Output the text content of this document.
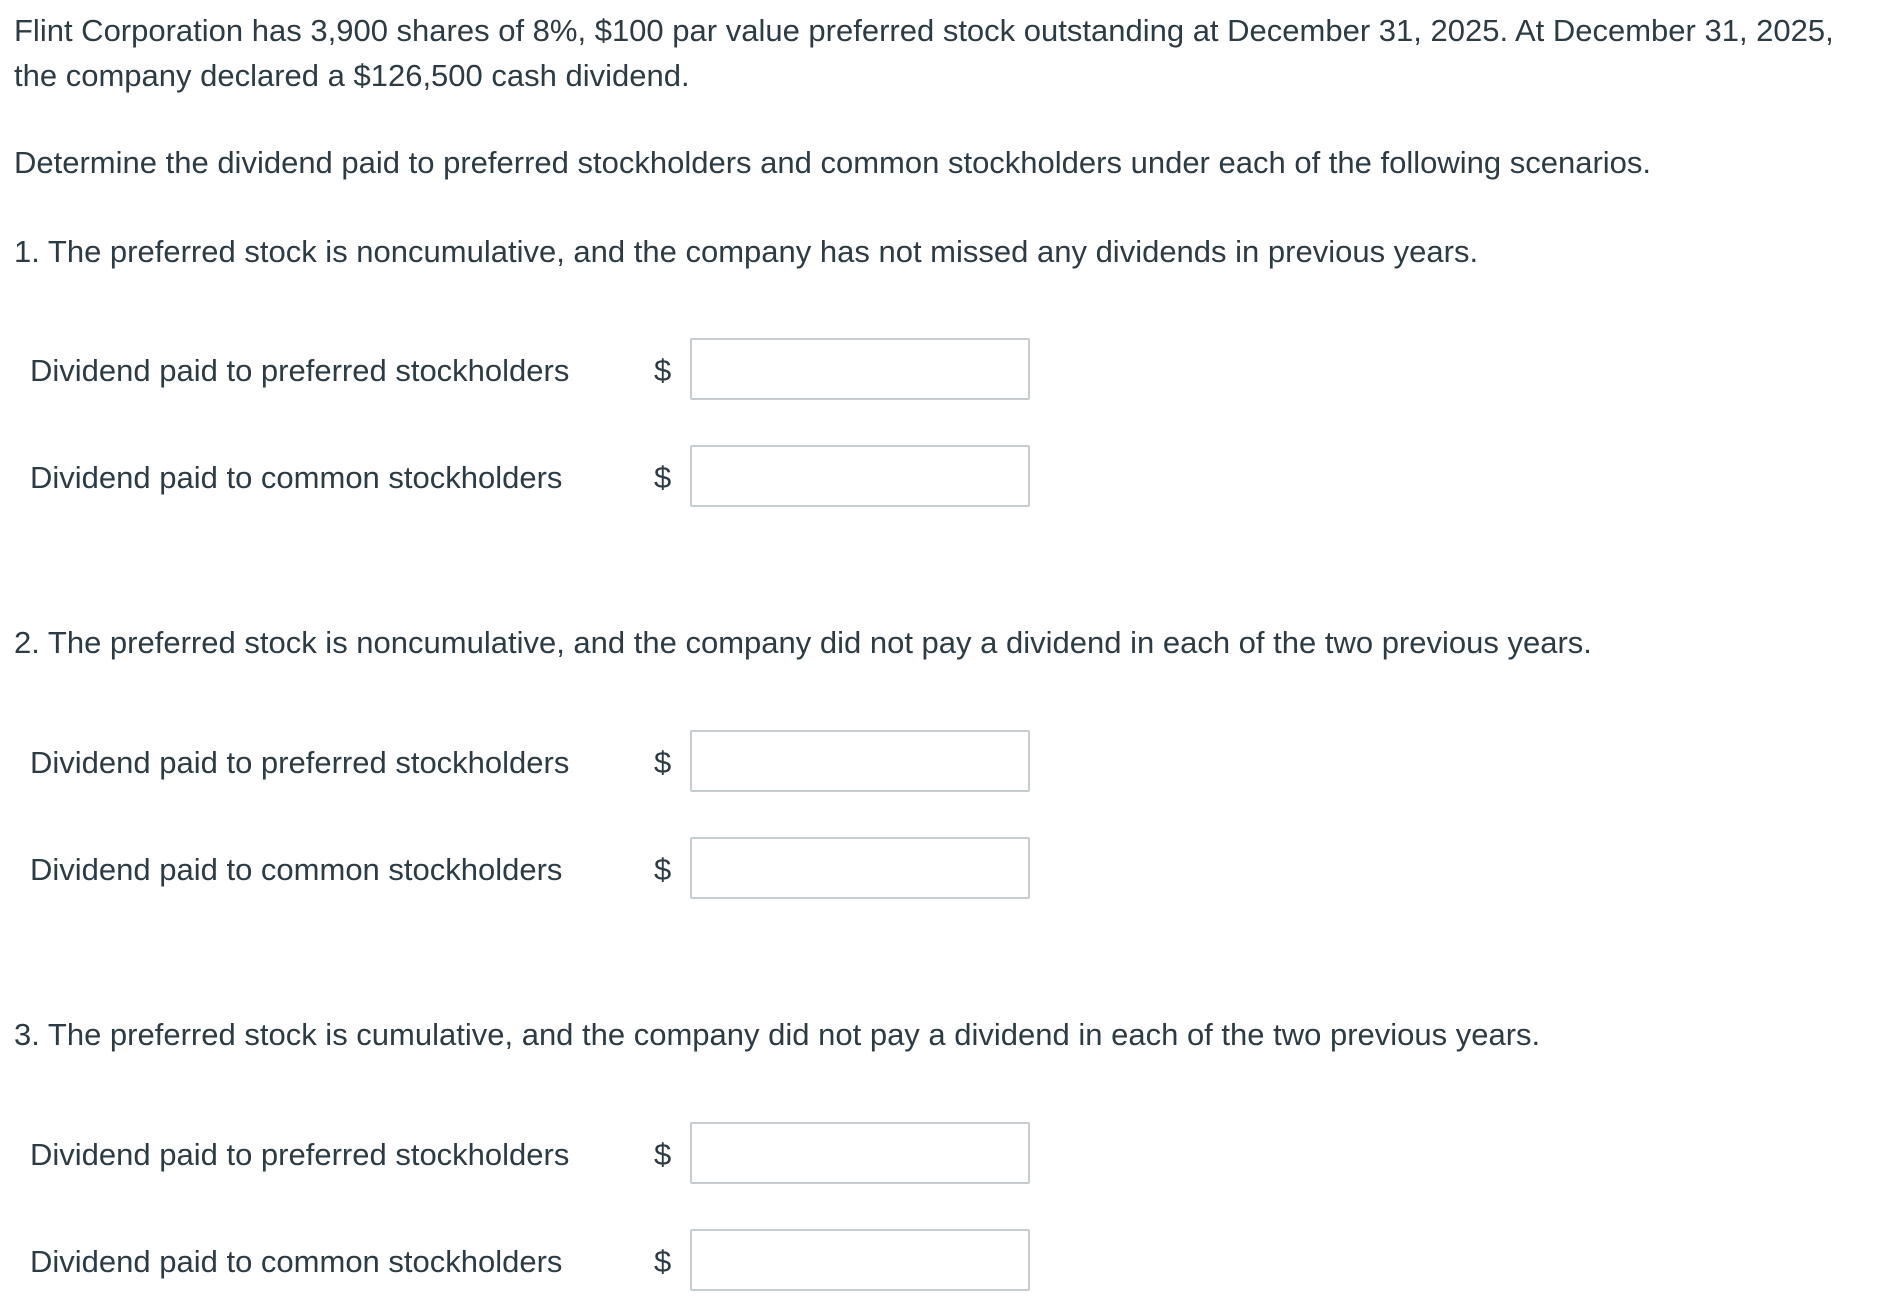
Flint Corporation has 3,900 shares of 8%, $100 par value preferred stock outstanding at December 31, 2025. At December 31, 2025, the company declared a $126,500 cash dividend.

Determine the dividend paid to preferred stockholders and common stockholders under each of the following scenarios.

1. The preferred stock is noncumulative, and the company has not missed any dividends in previous years.

Dividend paid to preferred stockholders	$
Dividend paid to common stockholders	$

2. The preferred stock is noncumulative, and the company did not pay a dividend in each of the two previous years.

Dividend paid to preferred stockholders	$
Dividend paid to common stockholders	$

3. The preferred stock is cumulative, and the company did not pay a dividend in each of the two previous years.

Dividend paid to preferred stockholders	$
Dividend paid to common stockholders	$
